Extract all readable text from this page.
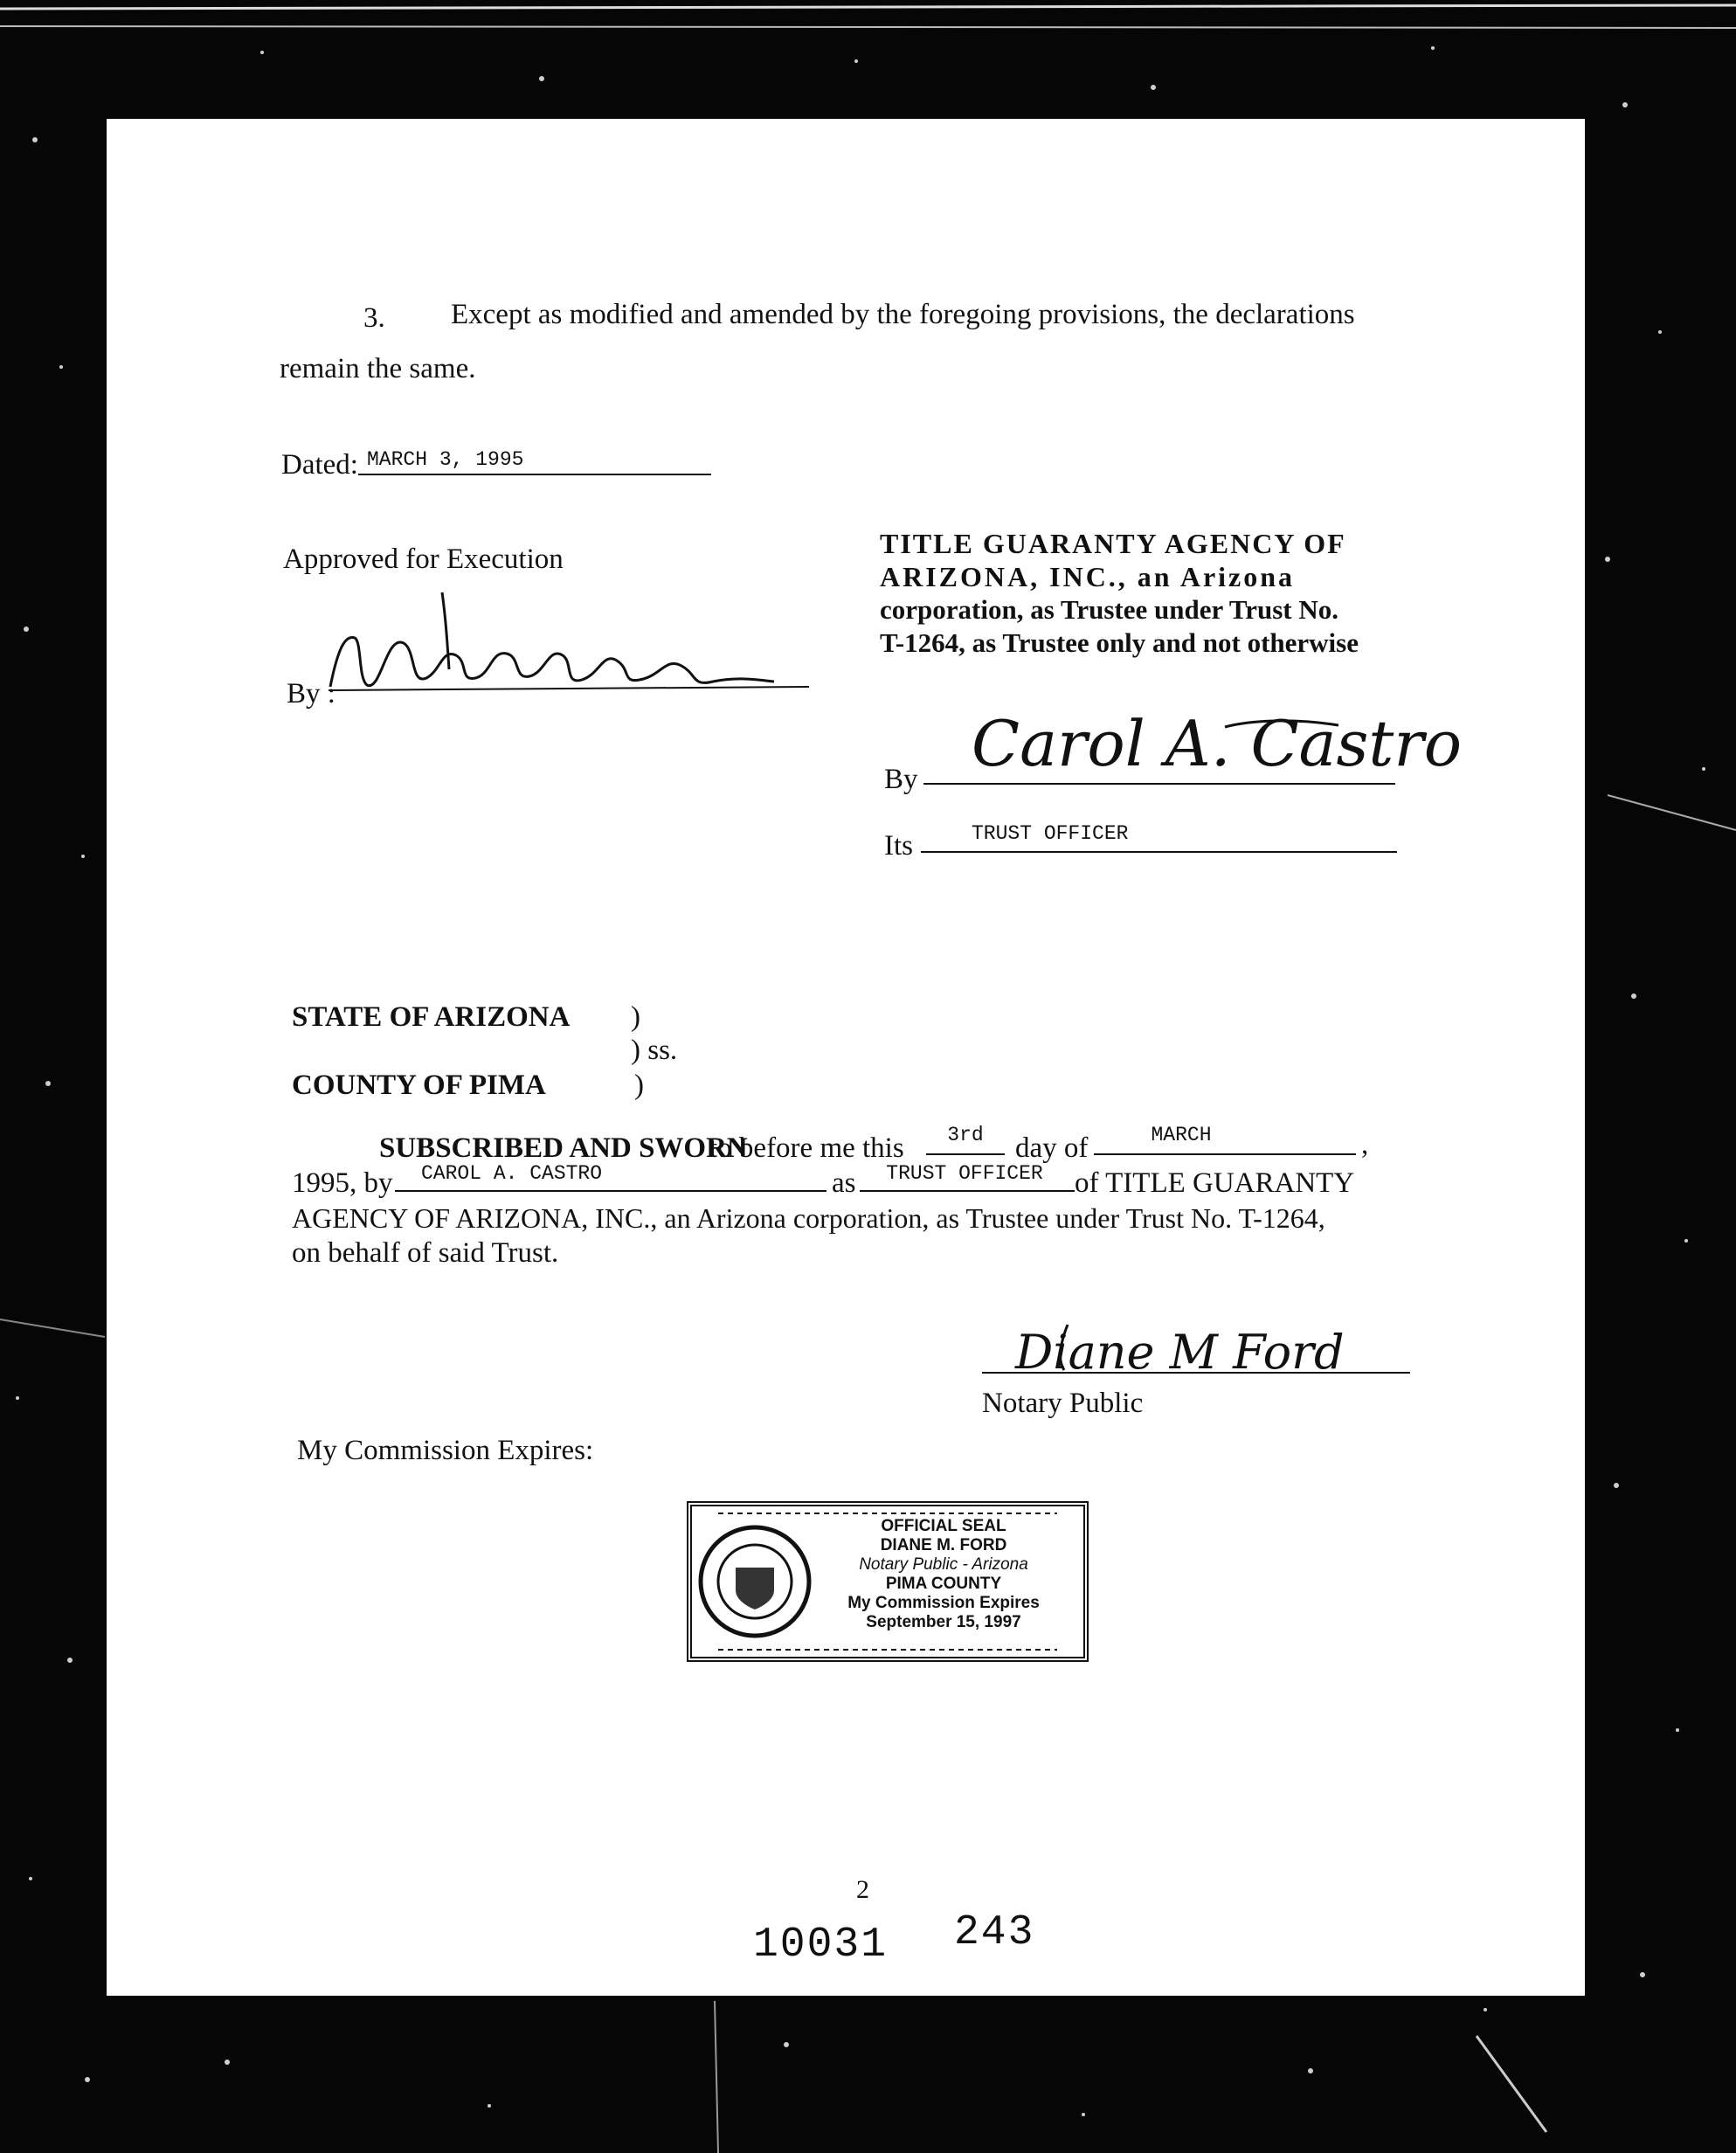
3. Except as modified and amended by the foregoing provisions, the declarations
remain the same.
Dated: MARCH 3, 1995
Approved for Execution
By :
TITLE GUARANTY AGENCY OF
ARIZONA, INC., an Arizona
corporation, as Trustee under Trust No.
T-1264, as Trustee only and not otherwise
By Carol A. Castro
Its	TRUST OFFICER
STATE OF ARIZONA )
) ss.
COUNTY OF PIMA	)
SUBSCRIBED AND SWORN
to before me this	3rd	day of	MARCH	,
1995, by CAROL A. CASTRO	as	TRUST OFFICER	of TITLE GUARANTY
AGENCY OF ARIZONA, INC., an Arizona corporation, as Trustee under Trust No. T-1264,
on behalf of said Trust.
Diane M Ford
Notary Public
My Commission Expires:
OFFICIAL SEAL
DIANE M. FORD
Notary Public - Arizona
PIMA COUNTY
My Commission Expires
September 15, 1997
2
10031 243
